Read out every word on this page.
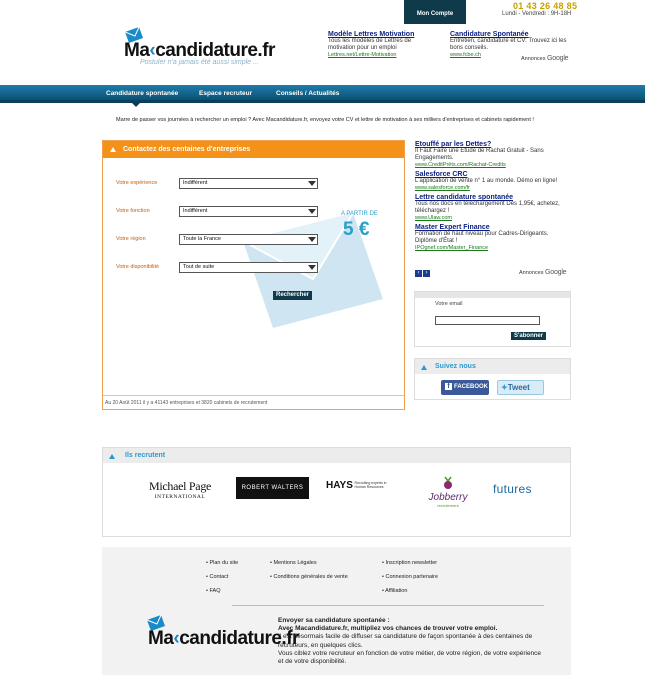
Mon Compte
01 43 26 48 85
Lundi - Vendredi : 9H-18H
Ma‹candidature.fr
Postuler n'a jamais été aussi simple ...
Modèle Lettres Motivation
Tous les modèles de Lettres de motivation pour un emploi
Lettres.net/Lettre-Motivation
Candidature Spontanée
Entretien, candidature et CV: Trouvez ici les bons conseils.
www.fcbe.ch
Annonces Google
Candidature spontanée	Espace recruteur	Conseils / Actualités
Marre de passer vos journées à rechercher un emploi ? Avec Macandidature.fr, envoyez votre CV et lettre de motivation à ses milliers d'entreprises et cabinets rapidement !
Contactez des centaines d'entreprises
Votre expérience	Indifférent
Votre fonction	Indifférent
Votre région	Toute la France
Votre disponibilité	Tout de suite
A PARTIR DE
5 €
Rechercher
Au 20 Août 2011 il y a 41143 entreprises et 3820 cabinets de recrutement
Etouffé par les Dettes?
Il Faut Faire une Etude de Rachat Gratuit - Sans Engagements.
www.CreditPrêts.com/Rachat-Credits
Salesforce CRC
L'application de vente n° 1 au monde. Démo en ligne!
www.salesforce.com/fr
Lettre candidature spontanée
Tous nos docs en téléchargement Dès 1,95€, achetez, téléchargez !
www.Ulaw.com
Master Expert Finance
Formation de haut niveau pour Cadres-Dirigeants. Diplôme d'État !
IPOgnef.com/Master_Finance
‹ ›	Annonces Google
Votre email
S'abonner
Suivez nous
f FACEBOOK	✦Tweet
Ils recrutent
Michael Page
INTERNATIONAL
ROBERT WALTERS	HAYS Recruiting experts in Human Resources
Jobberry
recrutement
futures
• Plan du site
• Contact
• FAQ
• Mentions Légales
• Conditions générales de vente
• Inscription newsletter
• Connexion partenaire
• Affiliation
Ma‹candidature.fr
Envoyer sa candidature spontanée :
Avec Macandidature.fr, multipliez vos chances de trouver votre emploi.
Il est désormais facile de diffuser sa candidature de façon spontanée à des centaines de recruteurs, en quelques clics.
Vous ciblez votre recruteur en fonction de votre métier, de votre région, de votre expérience et de votre disponibilité.
